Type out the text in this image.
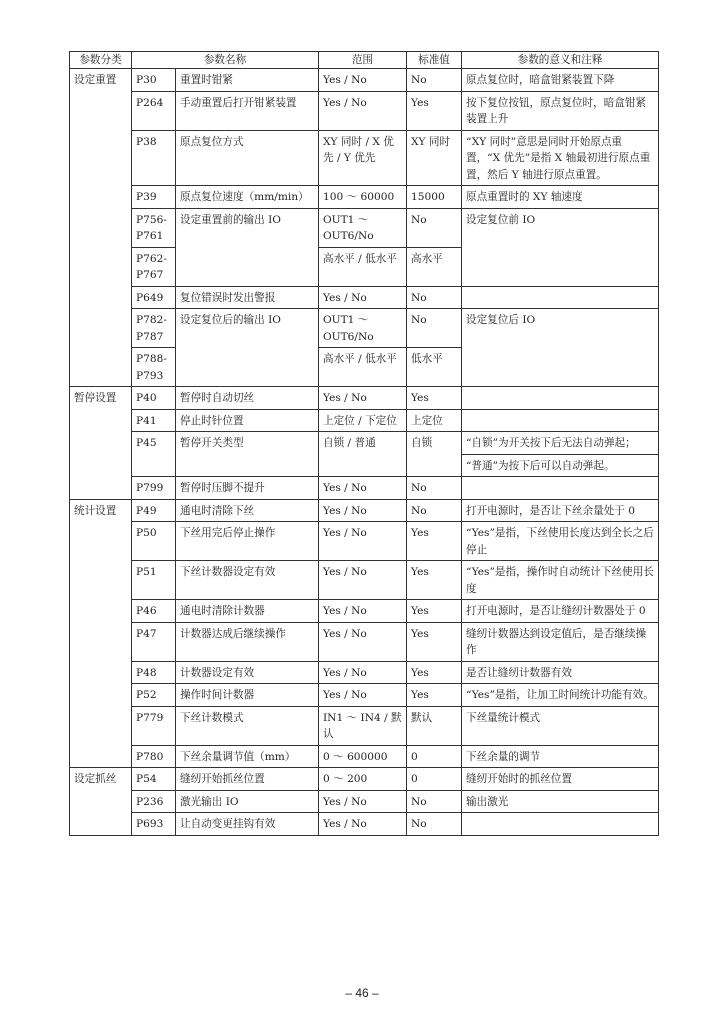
参数分类	参数名称		范围	标准值	参数的意义和注释
设定重置	P30	重置时钳紧	Yes / No	No	原点复位时，暗盒钳紧装置下降
	P264	手动重置后打开钳紧装置	Yes / No	Yes	按下复位按钮，原点复位时，暗盒钳紧装置上升
	P38	原点复位方式	XY 同时 / X 优先 / Y 优先	XY 同时	“XY 同时”意思是同时开始原点重置，“X 优先”是指 X 轴最初进行原点重置，然后 Y 轴进行原点重置。
	P39	原点复位速度（mm/min）	100 ～ 60000	15000	原点重置时的 XY 轴速度
	P756-P761	设定重置前的输出 IO	OUT1 ～ OUT6/No	No	设定复位前 IO
	P762-P767		高水平 / 低水平	高水平	
	P649	复位错误时发出警报	Yes / No	No	
	P782-P787	设定复位后的输出 IO	OUT1 ～ OUT6/No	No	设定复位后 IO
	P788-P793		高水平 / 低水平	低水平	
暂停设置	P40	暂停时自动切丝	Yes / No	Yes	
	P41	停止时针位置	上定位 / 下定位	上定位	
	P45	暂停开关类型	自锁 / 普通	自锁	“自锁”为开关按下后无法自动弹起；
					“普通”为按下后可以自动弹起。
	P799	暂停时压脚不提升	Yes / No	No	
统计设置	P49	通电时清除下丝	Yes / No	No	打开电源时，是否让下丝余量处于 0
	P50	下丝用完后停止操作	Yes / No	Yes	“Yes”是指，下丝使用长度达到全长之后停止
	P51	下丝计数器设定有效	Yes / No	Yes	“Yes”是指，操作时自动统计下丝使用长度
	P46	通电时清除计数器	Yes / No	Yes	打开电源时，是否让缝纫计数器处于 0
	P47	计数器达成后继续操作	Yes / No	Yes	缝纫计数器达到设定值后，是否继续操作
	P48	计数器设定有效	Yes / No	Yes	是否让缝纫计数器有效
	P52	操作时间计数器	Yes / No	Yes	“Yes”是指，让加工时间统计功能有效。
	P779	下丝计数模式	IN1 ～ IN4 / 默认	默认	下丝量统计模式
	P780	下丝余量调节值（mm）	0 ～ 600000	0	下丝余量的调节
设定抓丝	P54	缝纫开始抓丝位置	0 ～ 200	0	缝纫开始时的抓丝位置
	P236	激光输出 IO	Yes / No	No	输出激光
	P693	让自动变更挂钩有效	Yes / No	No	
– 46 –
